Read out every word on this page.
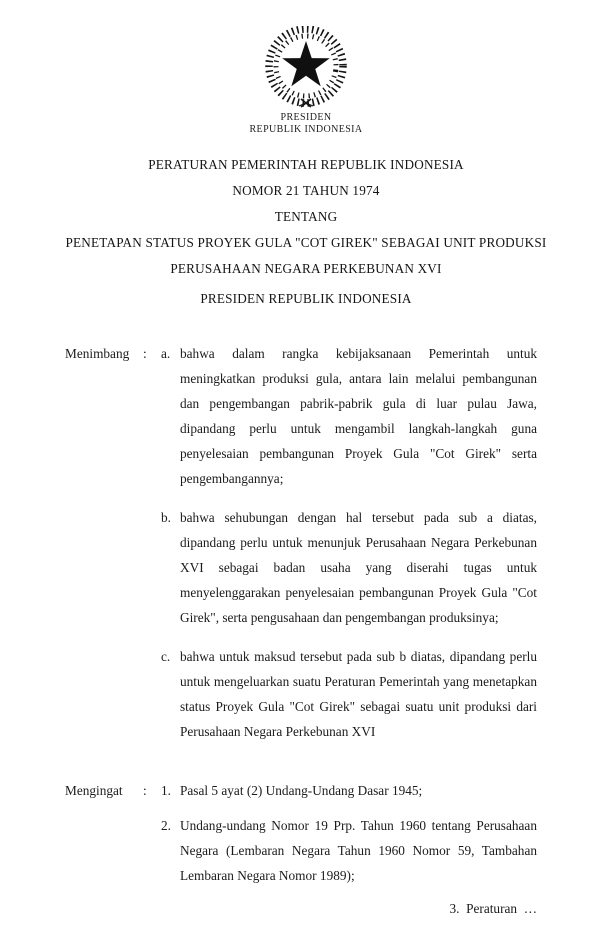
PRESIDEN
REPUBLIK INDONESIA
PERATURAN PEMERINTAH REPUBLIK INDONESIA
NOMOR 21 TAHUN 1974
TENTANG
PENETAPAN STATUS PROYEK GULA "COT GIREK" SEBAGAI UNIT PRODUKSI
PERUSAHAAN NEGARA PERKEBUNAN XVI
PRESIDEN REPUBLIK INDONESIA
Menimbang	:	a. bahwa dalam rangka kebijaksanaan Pemerintah untuk meningkatkan produksi gula, antara lain melalui pembangunan dan pengembangan pabrik-pabrik gula di luar pulau Jawa, dipandang perlu untuk mengambil langkah-langkah guna penyelesaian pembangunan Proyek Gula "Cot Girek" serta pengembangannya;
b. bahwa sehubungan dengan hal tersebut pada sub a diatas, dipandang perlu untuk menunjuk Perusahaan Negara Perkebunan XVI sebagai badan usaha yang diserahi tugas untuk menyelenggarakan penyelesaian pembangunan Proyek Gula "Cot Girek", serta pengusahaan dan pengembangan produksinya;
c. bahwa untuk maksud tersebut pada sub b diatas, dipandang perlu untuk mengeluarkan suatu Peraturan Pemerintah yang menetapkan status Proyek Gula "Cot Girek" sebagai suatu unit produksi dari Perusahaan Negara Perkebunan XVI
Mengingat	:	1. Pasal 5 ayat (2) Undang-Undang Dasar 1945;
2. Undang-undang Nomor 19 Prp. Tahun 1960 tentang Perusahaan Negara (Lembaran Negara Tahun 1960 Nomor 59, Tambahan Lembaran Negara Nomor 1989);
3.  Peraturan  …
